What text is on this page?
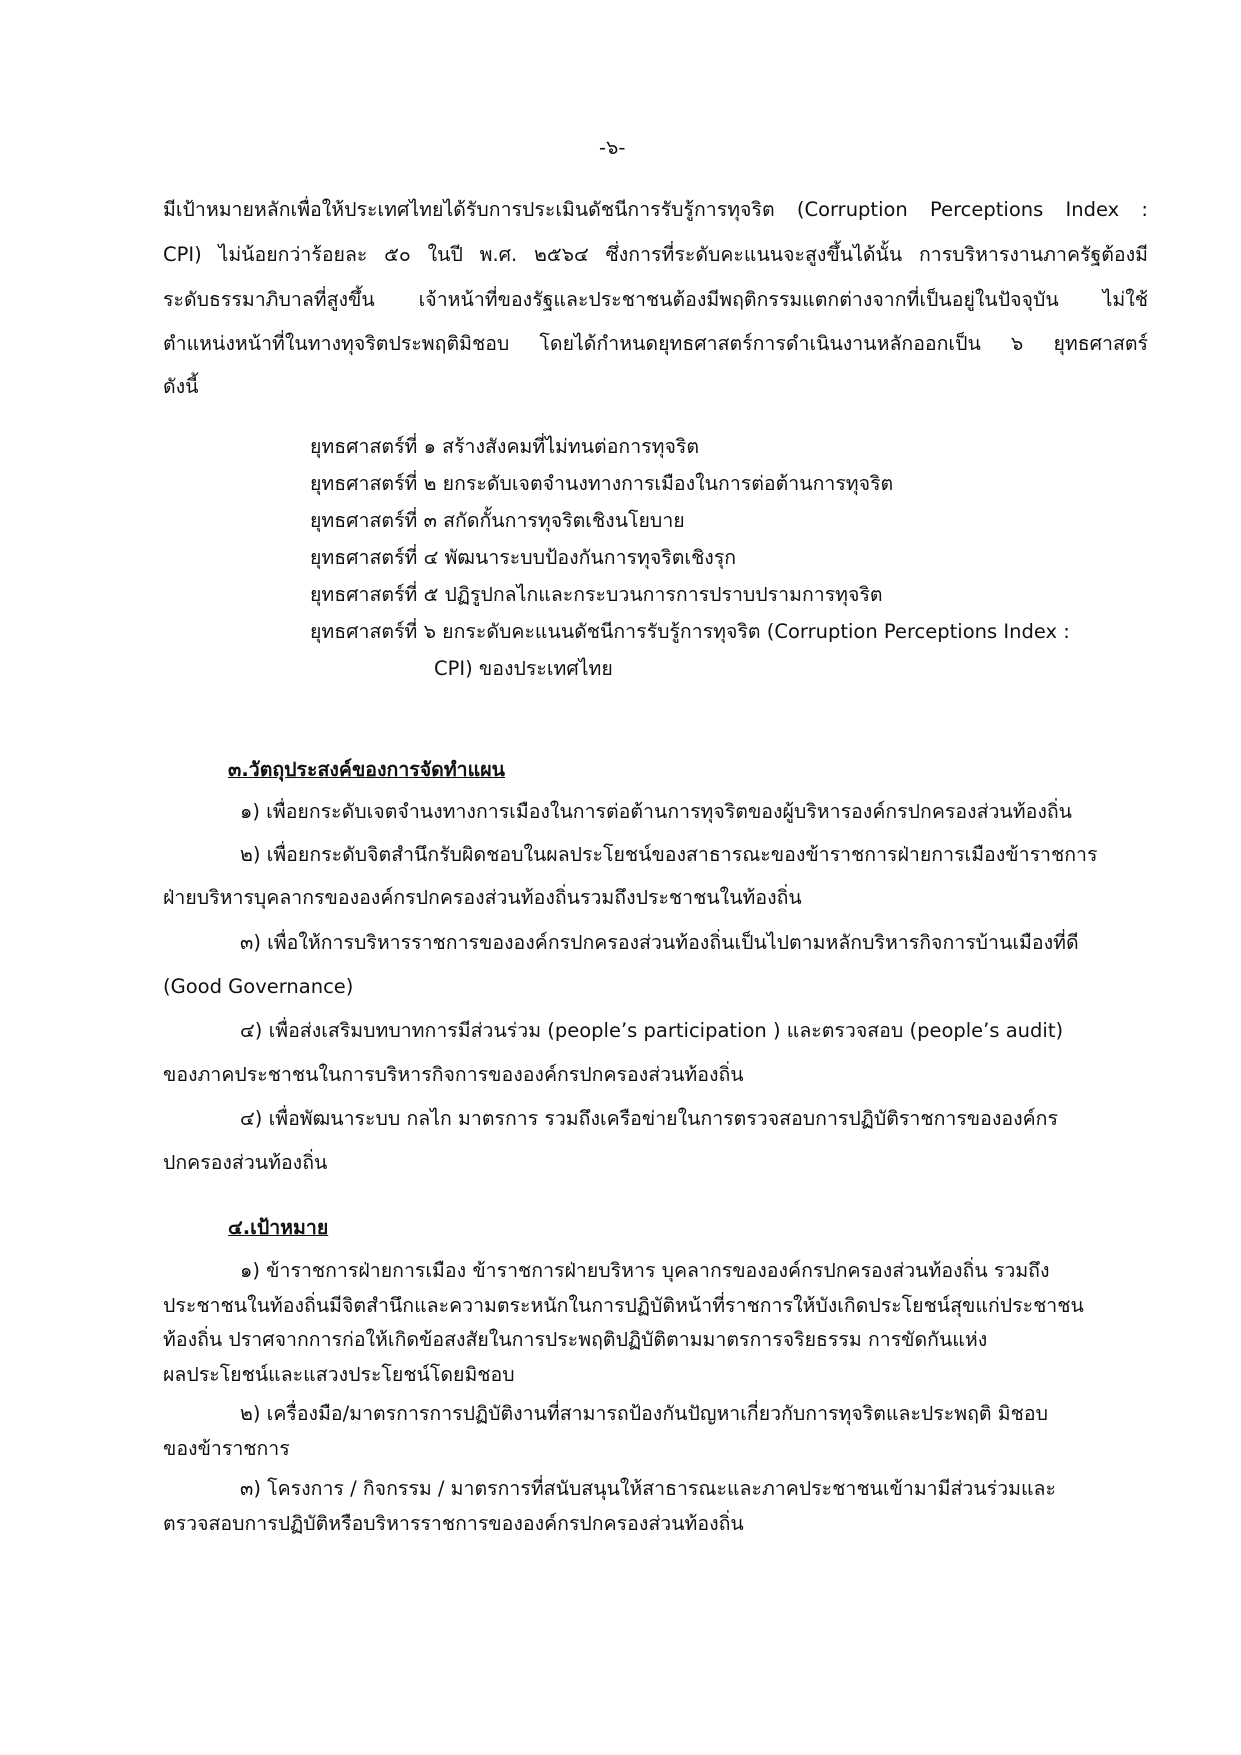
-๖-
มีเป้าหมายหลักเพื่อให้ประเทศไทยได้รับการประเมินดัชนีการรับรู้การทุจริต (Corruption Perceptions Index :
CPI) ไม่น้อยกว่าร้อยละ ๕๐ ในปี พ.ศ. ๒๕๖๔ ซึ่งการที่ระดับคะแนนจะสูงขึ้นได้นั้น การบริหารงานภาครัฐต้องมี
ระดับธรรมาภิบาลที่สูงขึ้น เจ้าหน้าที่ของรัฐและประชาชนต้องมีพฤติกรรมแตกต่างจากที่เป็นอยู่ในปัจจุบัน ไม่ใช้
ตำแหน่งหน้าที่ในทางทุจริตประพฤติมิชอบ โดยได้กำหนดยุทธศาสตร์การดำเนินงานหลักออกเป็น ๖ ยุทธศาสตร์
ดังนี้
ยุทธศาสตร์ที่ ๑ สร้างสังคมที่ไม่ทนต่อการทุจริต
ยุทธศาสตร์ที่ ๒ ยกระดับเจตจำนงทางการเมืองในการต่อต้านการทุจริต
ยุทธศาสตร์ที่ ๓ สกัดกั้นการทุจริตเชิงนโยบาย
ยุทธศาสตร์ที่ ๔ พัฒนาระบบป้องกันการทุจริตเชิงรุก
ยุทธศาสตร์ที่ ๕ ปฏิรูปกลไกและกระบวนการการปราบปรามการทุจริต
ยุทธศาสตร์ที่ ๖ ยกระดับคะแนนดัชนีการรับรู้การทุจริต (Corruption Perceptions Index :
CPI) ของประเทศไทย
๓.วัตถุประสงค์ของการจัดทำแผน
๑) เพื่อยกระดับเจตจำนงทางการเมืองในการต่อต้านการทุจริตของผู้บริหารองค์กรปกครองส่วนท้องถิ่น
๒) เพื่อยกระดับจิตสำนึกรับผิดชอบในผลประโยชน์ของสาธารณะของข้าราชการฝ่ายการเมืองข้าราชการ
ฝ่ายบริหารบุคลากรขององค์กรปกครองส่วนท้องถิ่นรวมถึงประชาชนในท้องถิ่น
๓) เพื่อให้การบริหารราชการขององค์กรปกครองส่วนท้องถิ่นเป็นไปตามหลักบริหารกิจการบ้านเมืองที่ดี
(Good Governance)
๔) เพื่อส่งเสริมบทบาทการมีส่วนร่วม (people’s participation ) และตรวจสอบ (people’s audit)
ของภาคประชาชนในการบริหารกิจการขององค์กรปกครองส่วนท้องถิ่น
๔) เพื่อพัฒนาระบบ กลไก มาตรการ รวมถึงเครือข่ายในการตรวจสอบการปฏิบัติราชการขององค์กร
ปกครองส่วนท้องถิ่น
๔.เป้าหมาย
๑) ข้าราชการฝ่ายการเมือง ข้าราชการฝ่ายบริหาร บุคลากรขององค์กรปกครองส่วนท้องถิ่น รวมถึง
ประชาชนในท้องถิ่นมีจิตสำนึกและความตระหนักในการปฏิบัติหน้าที่ราชการให้บังเกิดประโยชน์สุขแก่ประชาชน
ท้องถิ่น ปราศจากการก่อให้เกิดข้อสงสัยในการประพฤติปฏิบัติตามมาตรการจริยธรรม การขัดกันแห่ง
ผลประโยชน์และแสวงประโยชน์โดยมิชอบ
๒) เครื่องมือ/มาตรการการปฏิบัติงานที่สามารถป้องกันปัญหาเกี่ยวกับการทุจริตและประพฤติ มิชอบ
ของข้าราชการ
๓) โครงการ / กิจกรรม / มาตรการที่สนับสนุนให้สาธารณะและภาคประชาชนเข้ามามีส่วนร่วมและ
ตรวจสอบการปฏิบัติหรือบริหารราชการขององค์กรปกครองส่วนท้องถิ่น
